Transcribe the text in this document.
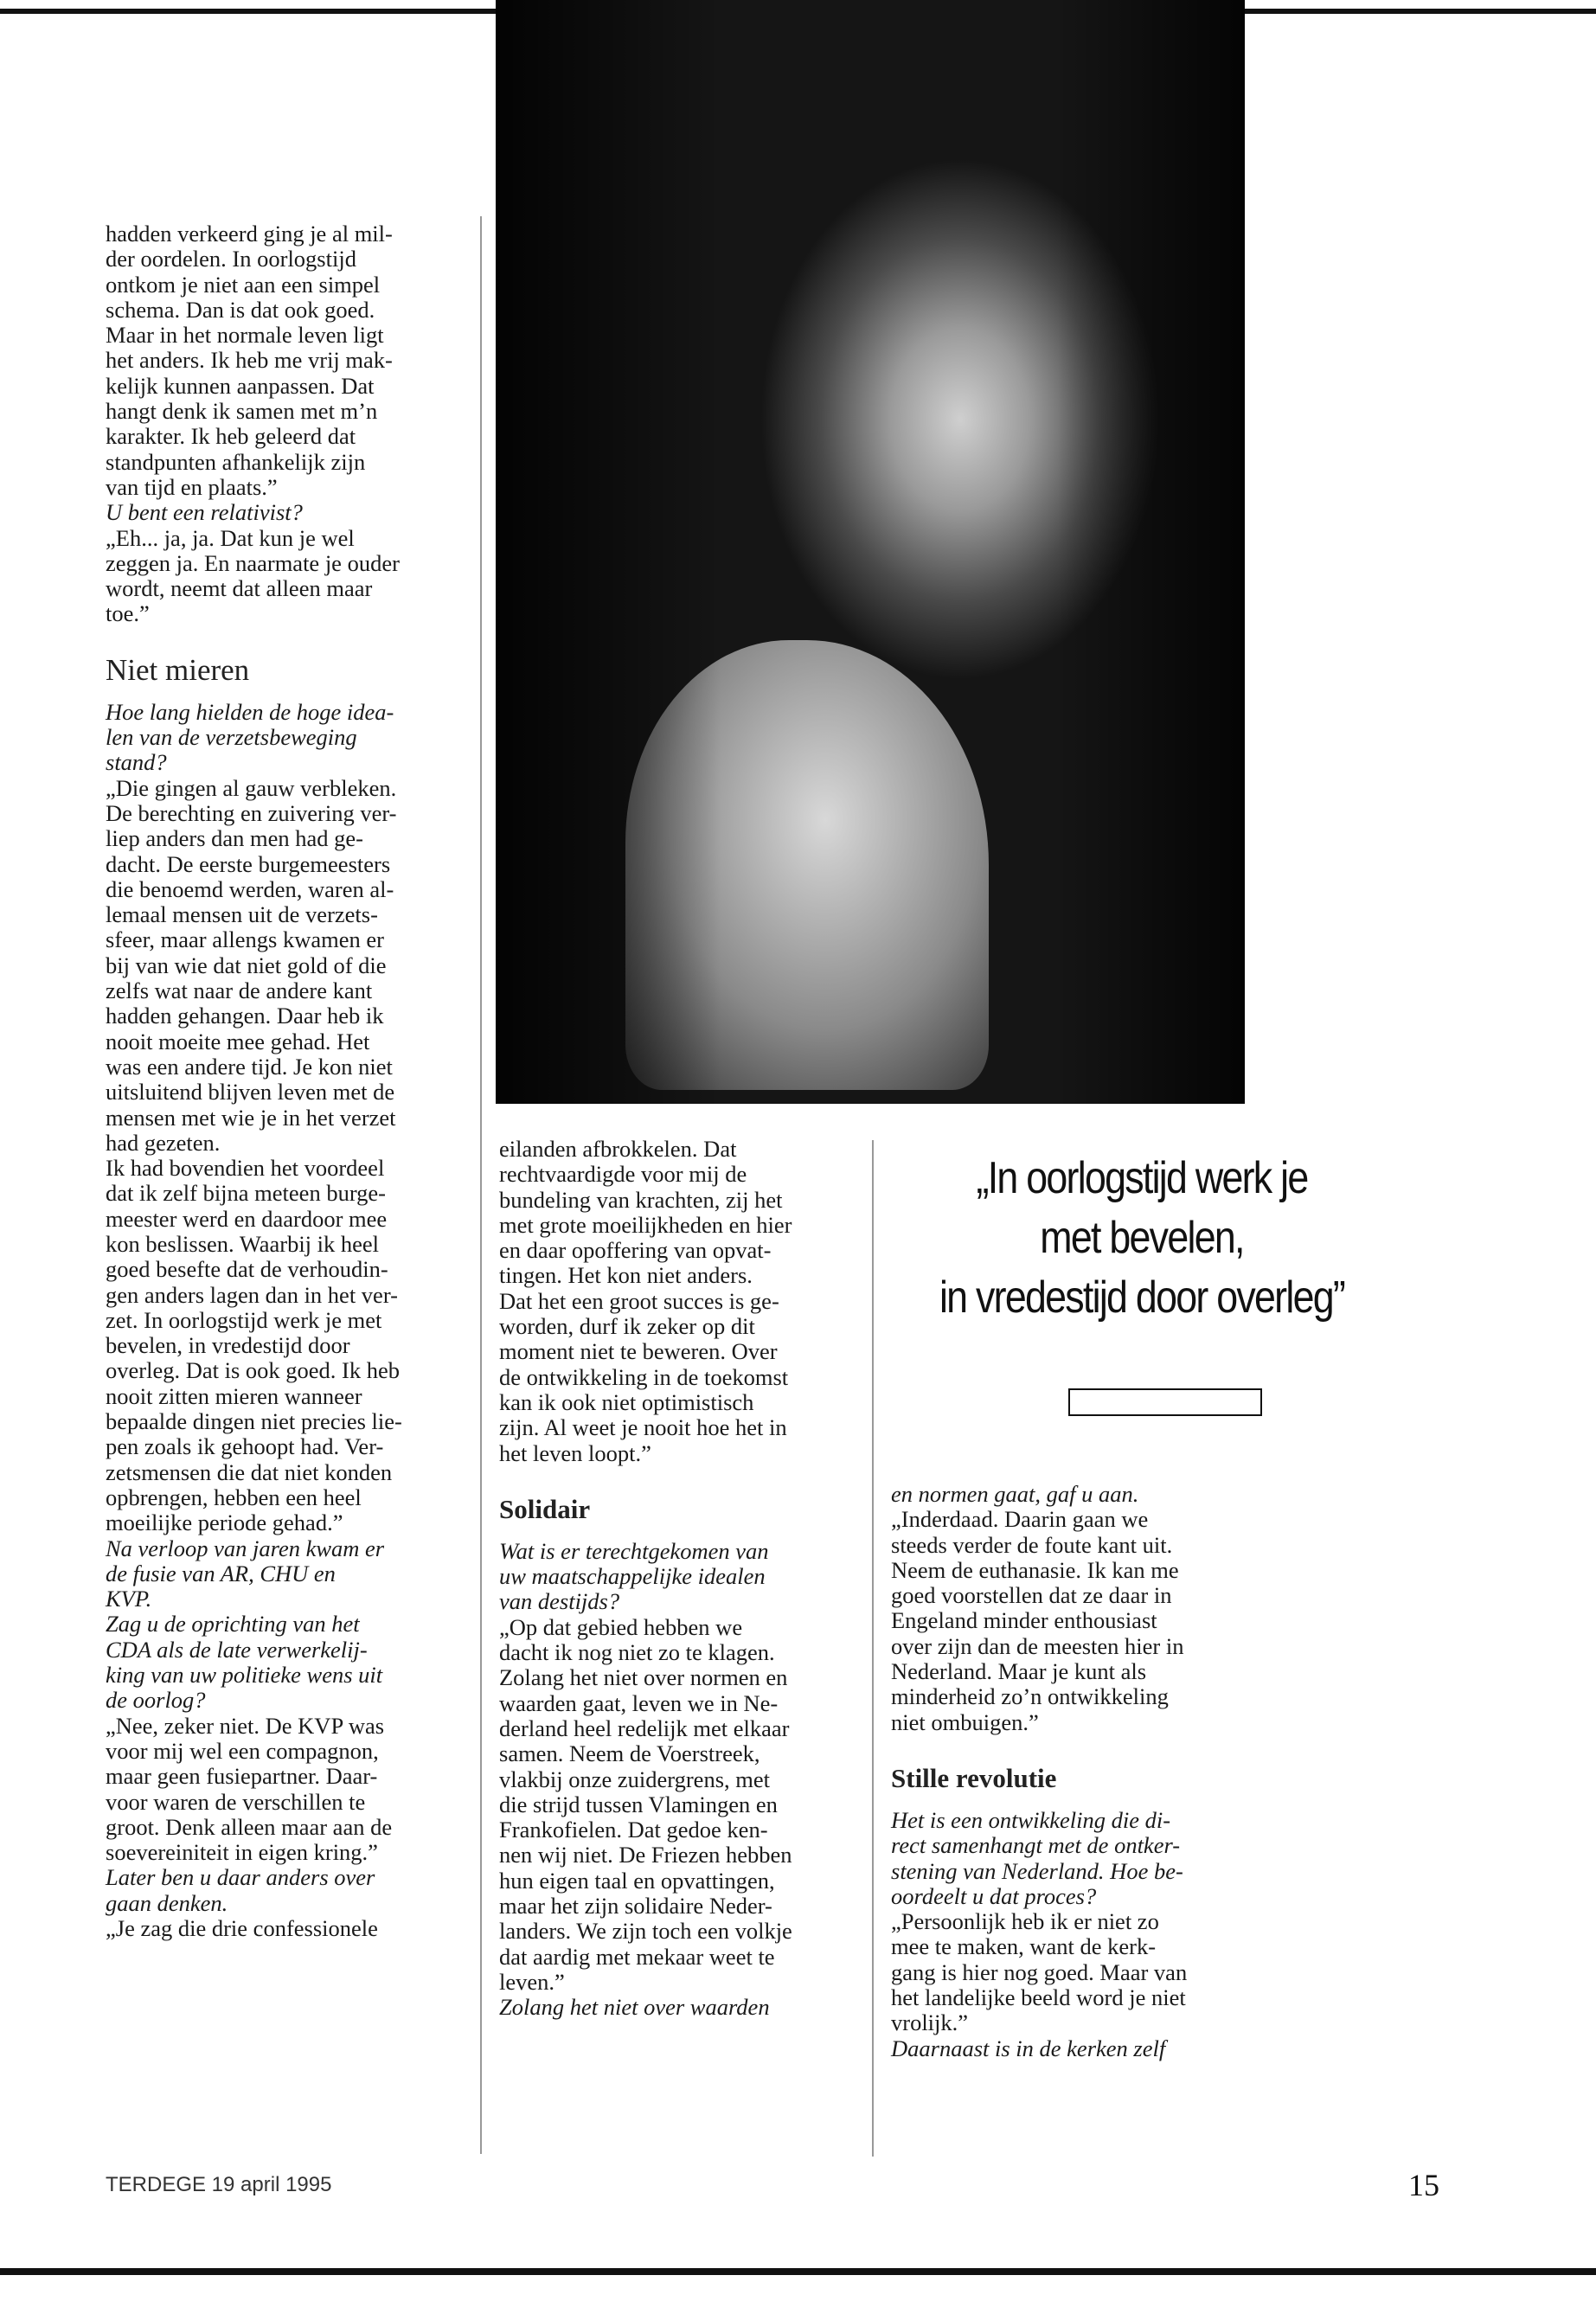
hadden verkeerd ging je al mil-
der oordelen. In oorlogstijd
ontkom je niet aan een simpel
schema. Dan is dat ook goed.
Maar in het normale leven ligt
het anders. Ik heb me vrij mak-
kelijk kunnen aanpassen. Dat
hangt denk ik samen met m’n
karakter. Ik heb geleerd dat
standpunten afhankelijk zijn
van tijd en plaats.”
U bent een relativist?
„Eh... ja, ja. Dat kun je wel
zeggen ja. En naarmate je ouder
wordt, neemt dat alleen maar
toe.”
Niet mieren
Hoe lang hielden de hoge idea-
len van de verzetsbeweging
stand?
„Die gingen al gauw verbleken.
De berechting en zuivering ver-
liep anders dan men had ge-
dacht. De eerste burgemeesters
die benoemd werden, waren al-
lemaal mensen uit de verzets-
sfeer, maar allengs kwamen er
bij van wie dat niet gold of die
zelfs wat naar de andere kant
hadden gehangen. Daar heb ik
nooit moeite mee gehad. Het
was een andere tijd. Je kon niet
uitsluitend blijven leven met de
mensen met wie je in het verzet
had gezeten.
Ik had bovendien het voordeel
dat ik zelf bijna meteen burge-
meester werd en daardoor mee
kon beslissen. Waarbij ik heel
goed besefte dat de verhoudin-
gen anders lagen dan in het ver-
zet. In oorlogstijd werk je met
bevelen, in vredestijd door
overleg. Dat is ook goed. Ik heb
nooit zitten mieren wanneer
bepaalde dingen niet precies lie-
pen zoals ik gehoopt had. Ver-
zetsmensen die dat niet konden
opbrengen, hebben een heel
moeilijke periode gehad.”
Na verloop van jaren kwam er
de fusie van AR, CHU en
KVP.
Zag u de oprichting van het
CDA als de late verwerkelij-
king van uw politieke wens uit
de oorlog?
„Nee, zeker niet. De KVP was
voor mij wel een compagnon,
maar geen fusiepartner. Daar-
voor waren de verschillen te
groot. Denk alleen maar aan de
soevereiniteit in eigen kring.”
Later ben u daar anders over
gaan denken.
„Je zag die drie confessionele
eilanden afbrokkelen. Dat
rechtvaardigde voor mij de
bundeling van krachten, zij het
met grote moeilijkheden en hier
en daar opoffering van opvat-
tingen. Het kon niet anders.
Dat het een groot succes is ge-
worden, durf ik zeker op dit
moment niet te beweren. Over
de ontwikkeling in de toekomst
kan ik ook niet optimistisch
zijn. Al weet je nooit hoe het in
het leven loopt.”
Solidair
Wat is er terechtgekomen van
uw maatschappelijke idealen
van destijds?
„Op dat gebied hebben we
dacht ik nog niet zo te klagen.
Zolang het niet over normen en
waarden gaat, leven we in Ne-
derland heel redelijk met elkaar
samen. Neem de Voerstreek,
vlakbij onze zuidergrens, met
die strijd tussen Vlamingen en
Frankofielen. Dat gedoe ken-
nen wij niet. De Friezen hebben
hun eigen taal en opvattingen,
maar het zijn solidaire Neder-
landers. We zijn toch een volkje
dat aardig met mekaar weet te
leven.”
Zolang het niet over waarden
en normen gaat, gaf u aan.
„Inderdaad. Daarin gaan we
steeds verder de foute kant uit.
Neem de euthanasie. Ik kan me
goed voorstellen dat ze daar in
Engeland minder enthousiast
over zijn dan de meesten hier in
Nederland. Maar je kunt als
minderheid zo’n ontwikkeling
niet ombuigen.”
Stille revolutie
Het is een ontwikkeling die di-
rect samenhangt met de ontker-
stening van Nederland. Hoe be-
oordeelt u dat proces?
„Persoonlijk heb ik er niet zo
mee te maken, want de kerk-
gang is hier nog goed. Maar van
het landelijke beeld word je niet
vrolijk.”
Daarnaast is in de kerken zelf
„In oorlogstijd werk je
met bevelen,
in vredestijd door overleg”
TERDEGE 19 april 1995	15
